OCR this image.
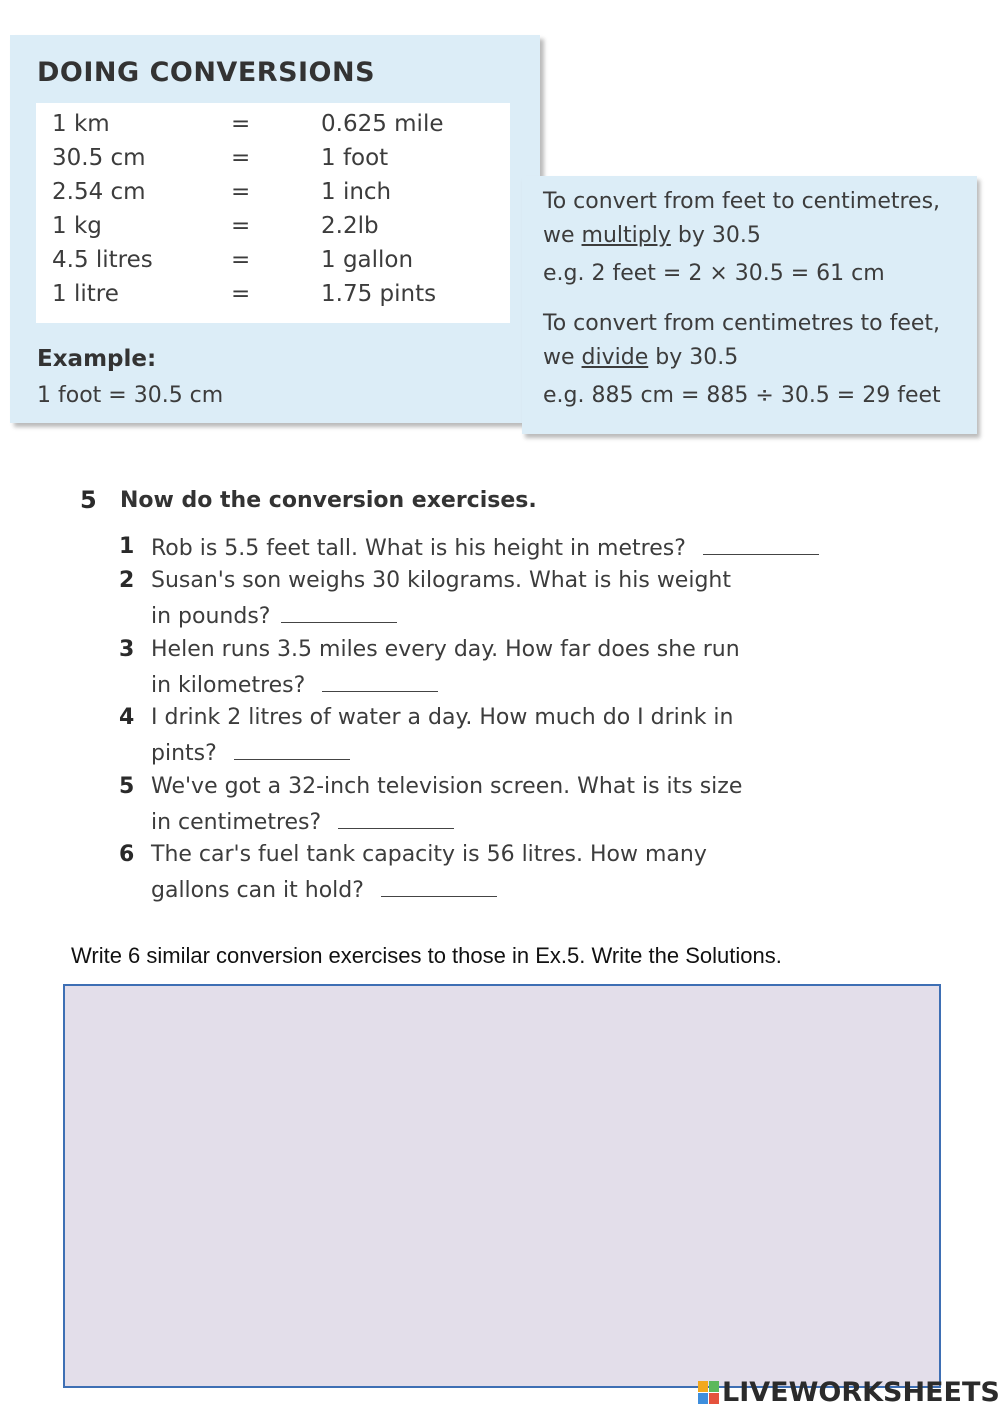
DOING CONVERSIONS
1 km	=	0.625 mile
30.5 cm	=	1 foot
2.54 cm	=	1 inch
1 kg	=	2.2lb
4.5 litres	=	1 gallon
1 litre	=	1.75 pints
Example:
1 foot = 30.5 cm
To convert from feet to centimetres,
we multiply by 30.5
e.g. 2 feet = 2 × 30.5 = 61 cm
To convert from centimetres to feet,
we divide by 30.5
e.g. 885 cm = 885 ÷ 30.5 = 29 feet
5 Now do the conversion exercises.
1 Rob is 5.5 feet tall. What is his height in metres?
2 Susan's son weighs 30 kilograms. What is his weight
in pounds?
3 Helen runs 3.5 miles every day. How far does she run
in kilometres?
4 I drink 2 litres of water a day. How much do I drink in
pints?
5 We've got a 32-inch television screen. What is its size
in centimetres?
6 The car's fuel tank capacity is 56 litres. How many
gallons can it hold?
Write 6 similar conversion exercises to those in Ex.5. Write the Solutions.
LIVEWORKSHEETS
